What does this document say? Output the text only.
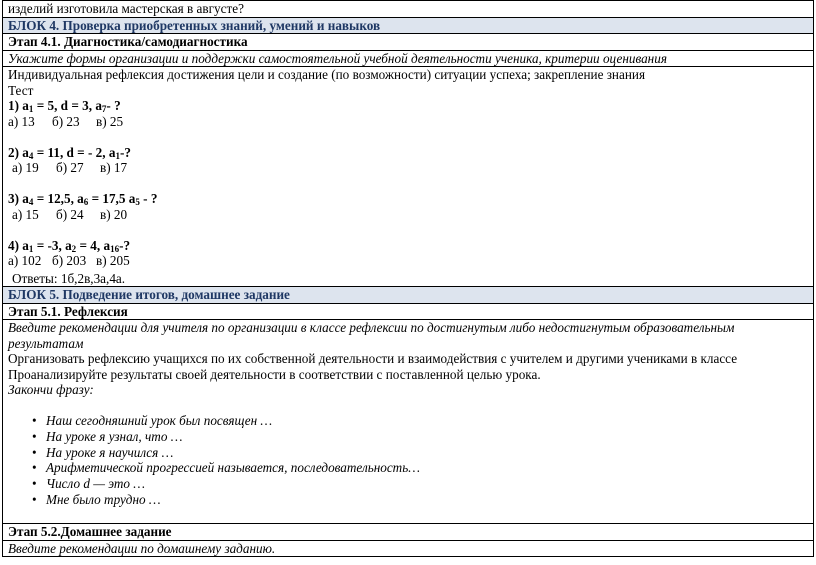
изделий изготовила мастерская в августе?
БЛОК 4. Проверка приобретенных знаний, умений и навыков
Этап 4.1. Диагностика/самодиагностика
Укажите формы организации и поддержки самостоятельной учебной деятельности ученика, критерии оценивания

Индивидуальная рефлексия достижения цели и создание (по возможности) ситуации успеха; закрепление знания
Тест
1) $a_1 = 5$, d = 3, $a_7-$ ?
а) 13 б) 23 в) 25
2) $a_4 = 11$, d = - 2, $a_1-$?
а) 19 б) 27 в) 17
3) $a_4 = 12,5$, $a_6 = 17,5$ $a_5$ - ?
а) 15 б) 24 в) 20
4) $a_1 = -3$, $a_2 = 4$, $a_{16}-$?
а) 102 б) 203 в) 205
Ответы: 1б,2в,3а,4а.

БЛОК 5. Подведение итогов, домашнее задание
Этап 5.1. Рефлексия

Введите рекомендации для учителя по организации в классе рефлексии по достигнутым либо недостигнутым образовательным результатам
Организовать рефлексию учащихся по их собственной деятельности и взаимодействия с учителем и другими учениками в классе
Проанализируйте результаты своей деятельности в соответствии с поставленной целью урока.
Закончи фразу:
• Наш сегодняшний урок был посвящен …
• На уроке я узнал, что …
• На уроке я научился …
• Арифметической прогрессией называется, последовательность…
• Число d — это …
• Мне было трудно …

Этап 5.2.Домашнее задание
Введите рекомендации по домашнему заданию.
